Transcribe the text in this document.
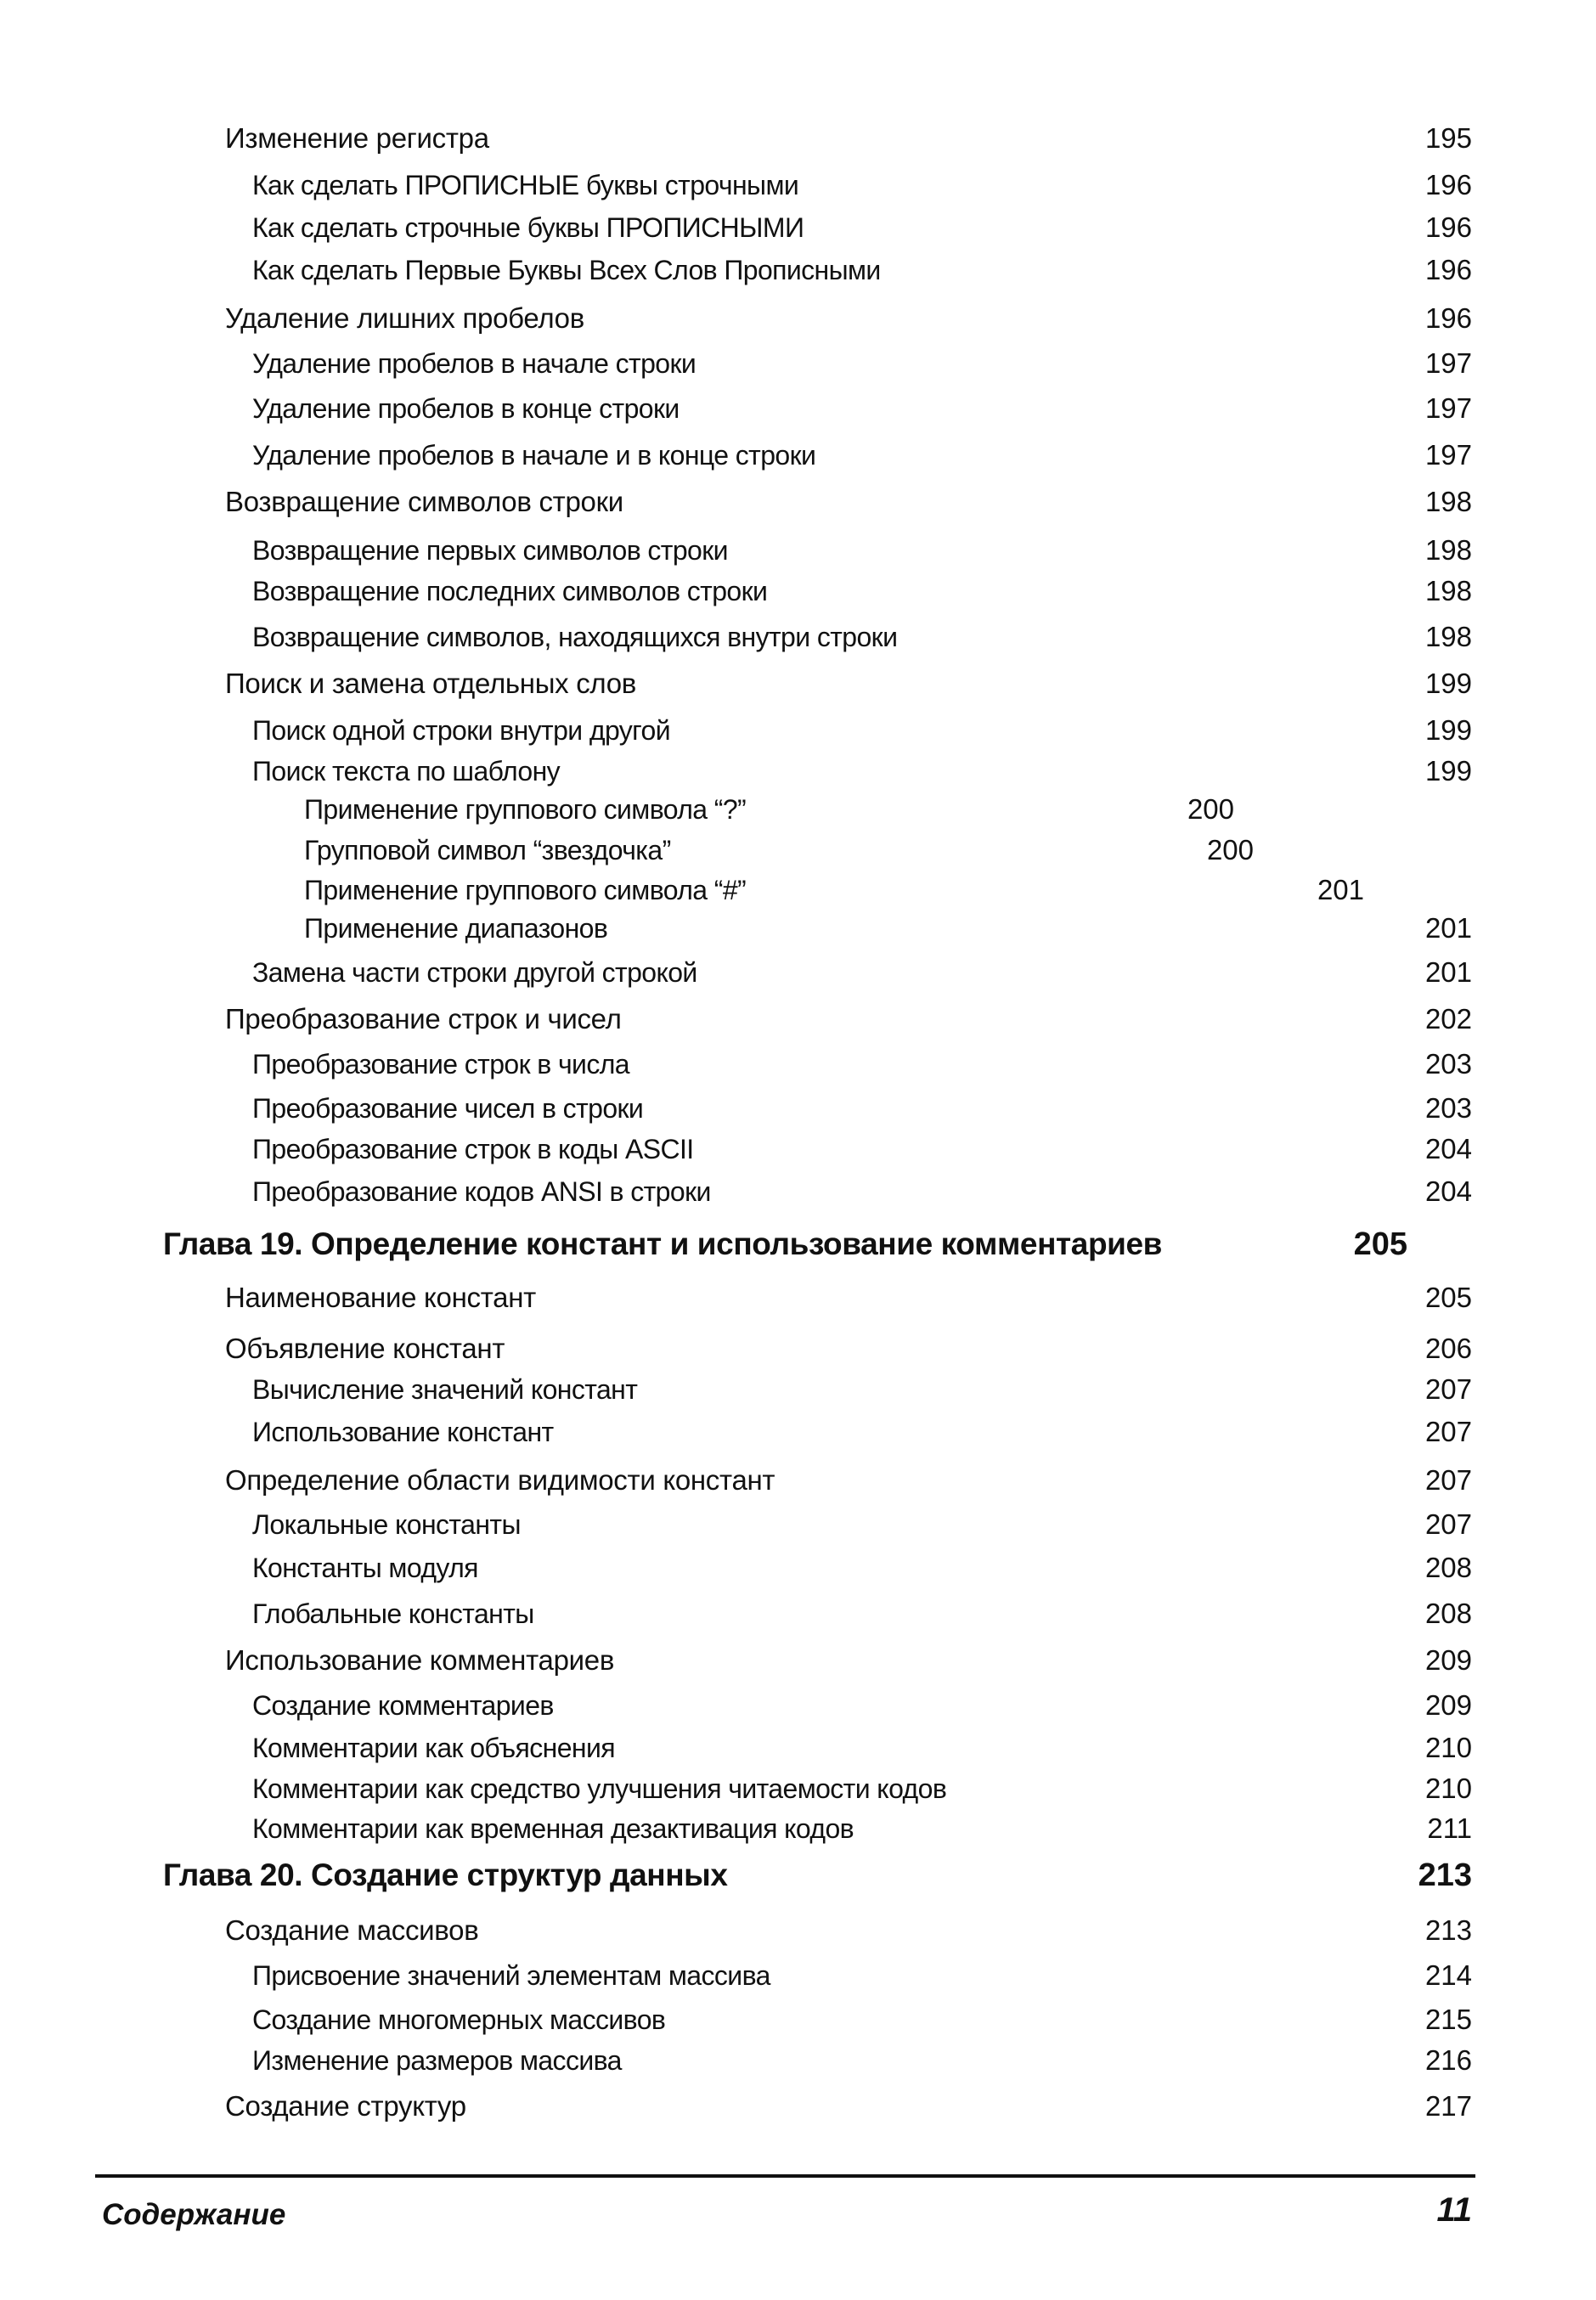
Изменение регистра	195
Как сделать ПРОПИСНЫЕ буквы строчными	196
Как сделать строчные буквы ПРОПИСНЫМИ	196
Как сделать Первые Буквы Всех Слов Прописными	196
Удаление лишних пробелов	196
Удаление пробелов в начале строки	197
Удаление пробелов в конце строки	197
Удаление пробелов в начале и в конце строки	197
Возвращение символов строки	198
Возвращение первых символов строки	198
Возвращение последних символов строки	198
Возвращение символов, находящихся внутри строки	198
Поиск и замена отдельных слов	199
Поиск одной строки внутри другой	199
Поиск текста по шаблону	199
Применение группового символа “?”	200
Групповой символ “звездочка”	200
Применение группового символа “#”	201
Применение диапазонов	201
Замена части строки другой строкой	201
Преобразование строк и чисел	202
Преобразование строк в числа	203
Преобразование чисел в строки	203
Преобразование строк в коды ASCII	204
Преобразование кодов ANSI в строки	204
Глава 19. Определение констант и использование комментариев	205
Наименование констант	205
Объявление констант	206
Вычисление значений констант	207
Использование констант	207
Определение области видимости констант	207
Локальные константы	207
Константы модуля	208
Глобальные константы	208
Использование комментариев	209
Создание комментариев	209
Комментарии как объяснения	210
Комментарии как средство улучшения читаемости кодов	210
Комментарии как временная дезактивация кодов	211
Глава 20. Создание структур данных	213
Создание массивов	213
Присвоение значений элементам массива	214
Создание многомерных массивов	215
Изменение размеров массива	216
Создание структур	217
Содержание	11
